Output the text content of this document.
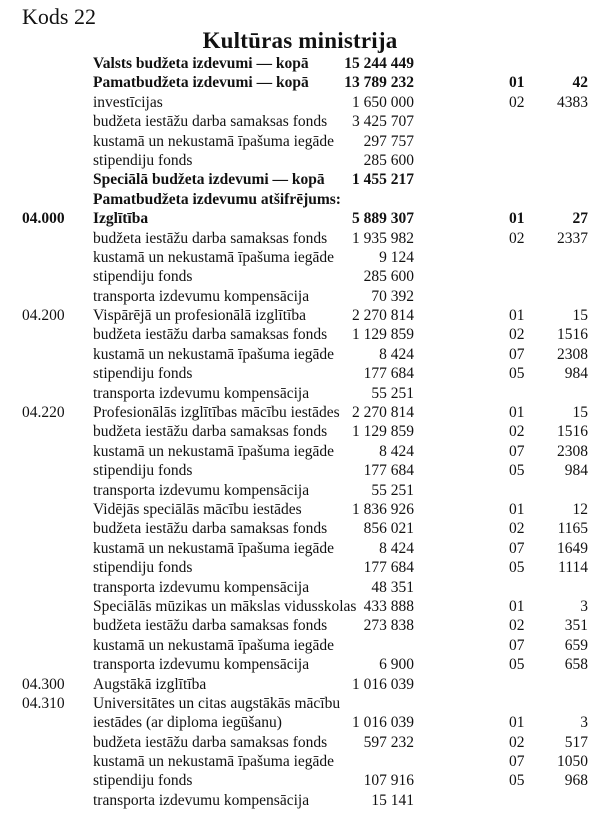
Kods 22
Kultūras ministrija
Valsts budžeta izdevumi — kopā 15 244 449
Pamatbudžeta izdevumi — kopā 13 789 232	01	42
investīcijas	1 650 000	02 4383
budžeta iestāžu darba samaksas fonds 3 425 707
kustamā un nekustamā īpašuma iegāde 297 757
stipendiju fonds	285 600
Speciālā budžeta izdevumi — kopā 1 455 217
Pamatbudžeta izdevumu atšifrējums:
04.000 Izglītība	5 889 307	01	27
budžeta iestāžu darba samaksas fonds 1 935 982	02 2337
kustamā un nekustamā īpašuma iegāde	9 124
stipendiju fonds	285 600
transporta izdevumu kompensācija	70 392
04.200 Vispārējā un profesionālā izglītība	2 270 814	01	15
budžeta iestāžu darba samaksas fonds 1 129 859	02 1516
kustamā un nekustamā īpašuma iegāde	8 424	07 2308
stipendiju fonds	177 684	05	984
transporta izdevumu kompensācija	55 251
04.220 Profesionālās izglītības mācību iestādes 2 270 814	01	15
budžeta iestāžu darba samaksas fonds 1 129 859	02 1516
kustamā un nekustamā īpašuma iegāde	8 424	07 2308
stipendiju fonds	177 684	05	984
transporta izdevumu kompensācija	55 251
Vidējās speciālās mācību iestādes	1 836 926	01	12
budžeta iestāžu darba samaksas fonds 856 021	02 1165
kustamā un nekustamā īpašuma iegāde	8 424	07 1649
stipendiju fonds	177 684	05 1114
transporta izdevumu kompensācija	48 351
Speciālās mūzikas un mākslas vidusskolas 433 888	01	3
budžeta iestāžu darba samaksas fonds 273 838	02	351
kustamā un nekustamā īpašuma iegāde	07	659
transporta izdevumu kompensācija	6 900	05	658
04.300 Augstākā izglītība	1 016 039
04.310 Universitātes un citas augstākās mācību
iestādes (ar diploma iegūšanu)	1 016 039	01	3
budžeta iestāžu darba samaksas fonds 597 232	02	517
kustamā un nekustamā īpašuma iegāde	07 1050
stipendiju fonds	107 916	05	968
transporta izdevumu kompensācija	15 141
